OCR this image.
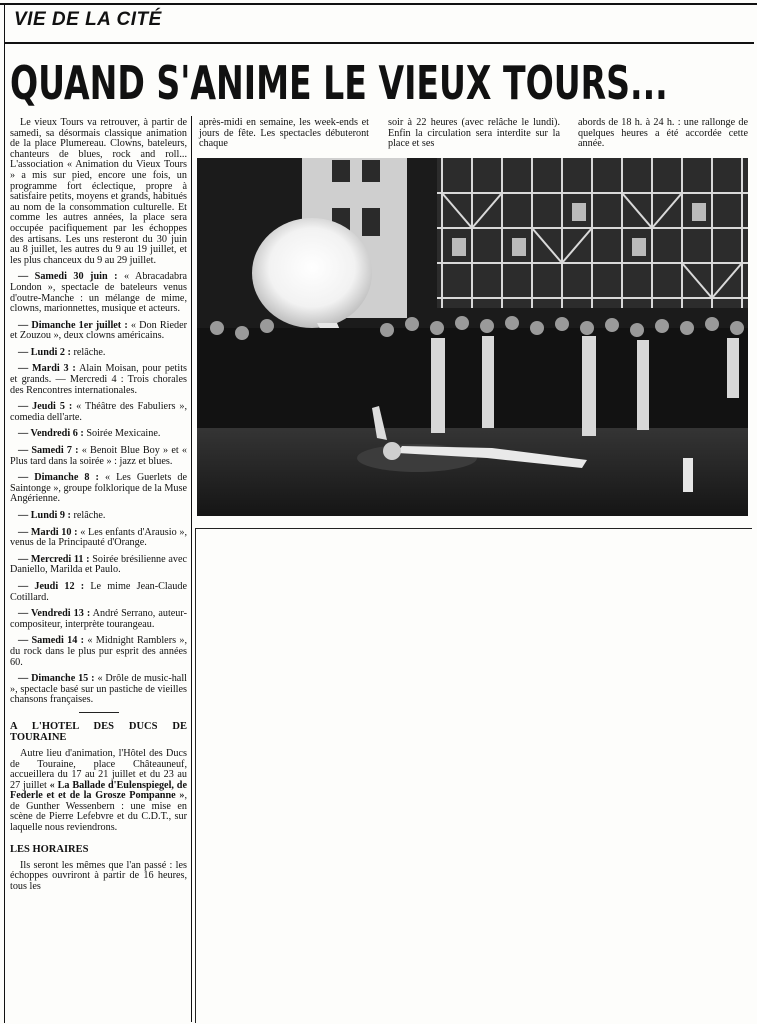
VIE DE LA CITÉ
QUAND S'ANIME LE VIEUX TOURS...

Le vieux Tours va retrouver, à partir de samedi, sa désormais classique animation de la place Plumereau. Clowns, bateleurs, chanteurs de blues, rock and roll... L'association « Animation du Vieux Tours » a mis sur pied, encore une fois, un programme fort éclectique, propre à satisfaire petits, moyens et grands, habitués au nom de la consommation culturelle. Et comme les autres années, la place sera occupée pacifiquement par les échoppes des artisans. Les uns resteront du 30 juin au 8 juillet, les autres du 9 au 19 juillet, et les plus chanceux du 9 au 29 juillet.

— Samedi 30 juin : « Abracadabra London », spectacle de bateleurs venus d'outre-Manche : un mélange de mime, clowns, marionnettes, musique et acteurs.

— Dimanche 1er juillet : « Don Rieder et Zouzou », deux clowns américains.

— Lundi 2 : relâche.

— Mardi 3 : Alain Moisan, pour petits et grands. — Mercredi 4 : Trois chorales des Rencontres internationales.

— Jeudi 5 : « Théâtre des Fabuliers », comedia dell'arte.

— Vendredi 6 : Soirée Mexicaine.

— Samedi 7 : « Benoit Blue Boy » et « Plus tard dans la soirée » : jazz et blues.

— Dimanche 8 : « Les Guerlets de Saintonge », groupe folklorique de la Muse Angérienne.

— Lundi 9 : relâche.

— Mardi 10 : « Les enfants d'Arausio », venus de la Principauté d'Orange.

— Mercredi 11 : Soirée brésilienne avec Daniello, Marilda et Paulo.

— Jeudi 12 : Le mime Jean-Claude Cotillard.

— Vendredi 13 : André Serrano, auteur-compositeur, interprète tourangeau.

— Samedi 14 : « Midnight Ramblers », du rock dans le plus pur esprit des années 60.

— Dimanche 15 : « Drôle de music-hall », spectacle basé sur un pastiche de vieilles chansons françaises.

A L'HOTEL DES DUCS DE TOURAINE

Autre lieu d'animation, l'Hôtel des Ducs de Touraine, place Châteauneuf, accueillera du 17 au 21 juillet et du 23 au 27 juillet « La Ballade d'Eulenspiegel, de Federle et et de la Grosze Pompanne », de Gunther Wessenbern : une mise en scène de Pierre Lefebvre et du C.D.T., sur laquelle nous reviendrons.

LES HORAIRES

Ils seront les mêmes que l'an passé : les échoppes ouvriront à partir de 16 heures, tous les

après-midi en semaine, les week-ends et jours de fête. Les spectacles débuteront chaque

soir à 22 heures (avec relâche le lundi). Enfin la circulation sera interdite sur la place et ses

abords de 18 h. à 24 h. : une rallonge de quelques heures a été accordée cette année.
